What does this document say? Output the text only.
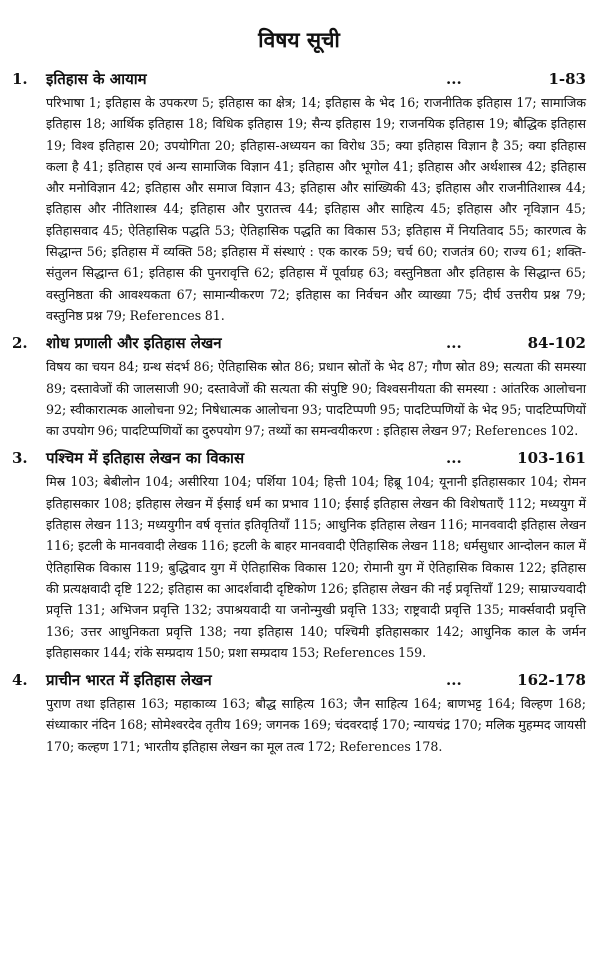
विषय सूची
1.	इतिहास के आयाम	...	1-83
परिभाषा 1; इतिहास के उपकरण 5; इतिहास का क्षेत्र; 14; इतिहास के भेद 16; राजनीतिक इतिहास 17; सामाजिक इतिहास 18; आर्थिक इतिहास 18; विधिक इतिहास 19; सैन्य इतिहास 19; राजनयिक इतिहास 19; बौद्धिक इतिहास 19; विश्व इतिहास 20; उपयोगिता 20; इतिहास-अध्ययन का विरोध 35; क्या इतिहास विज्ञान है 35; क्या इतिहास कला है 41; इतिहास एवं अन्य सामाजिक विज्ञान 41; इतिहास और भूगोल 41; इतिहास और अर्थशास्त्र 42; इतिहास और मनोविज्ञान 42; इतिहास और समाज विज्ञान 43; इतिहास और सांख्यिकी 43; इतिहास और राजनीतिशास्त्र 44; इतिहास और नीतिशास्त्र 44; इतिहास और पुरातत्त्व 44; इतिहास और साहित्य 45; इतिहास और नृविज्ञान 45; इतिहासवाद 45; ऐतिहासिक पद्धति 53; ऐतिहासिक पद्धति का विकास 53; इतिहास में नियतिवाद 55; कारणत्व के सिद्धान्त 56; इतिहास में व्यक्ति 58; इतिहास में संस्थाएं : एक कारक 59; चर्च 60; राजतंत्र 60; राज्य 61; शक्ति-संतुलन सिद्धान्त 61; इतिहास की पुनरावृत्ति 62; इतिहास में पूर्वाग्रह 63; वस्तुनिष्ठता और इतिहास के सिद्धान्त 65; वस्तुनिष्ठता की आवश्यकता 67; सामान्यीकरण 72; इतिहास का निर्वचन और व्याख्या 75; दीर्घ उत्तरीय प्रश्न 79; वस्तुनिष्ठ प्रश्न 79; References 81.
2.	शोध प्रणाली और इतिहास लेखन	...	84-102
विषय का चयन 84; ग्रन्थ संदर्भ 86; ऐतिहासिक स्रोत 86; प्रधान स्रोतों के भेद 87; गौण स्रोत 89; सत्यता की समस्या 89; दस्तावेजों की जालसाजी 90; दस्तावेजों की सत्यता की संपुष्टि 90; विश्वसनीयता की समस्या : आंतरिक आलोचना 92; स्वीकारात्मक आलोचना 92; निषेधात्मक आलोचना 93; पादटिप्पणी 95; पादटिप्पणियों के भेद 95; पादटिप्पणियों का उपयोग 96; पादटिप्पणियों का दुरुपयोग 97; तथ्यों का समन्वयीकरण : इतिहास लेखन 97; References 102.
3.	पश्चिम में इतिहास लेखन का विकास	...	103-161
मिस्र 103; बेबीलोन 104; असीरिया 104; पर्शिया 104; हित्ती 104; हिब्रू 104; यूनानी इतिहासकार 104; रोमन इतिहासकार 108; इतिहास लेखन में ईसाई धर्म का प्रभाव 110; ईसाई इतिहास लेखन की विशेषताएँ 112; मध्ययुग में इतिहास लेखन 113; मध्ययुगीन वर्ष वृत्तांत इतिवृतियाँ 115; आधुनिक इतिहास लेखन 116; मानववादी इतिहास लेखन 116; इटली के मानववादी लेखक 116; इटली के बाहर मानववादी ऐतिहासिक लेखन 118; धर्मसुधार आन्दोलन काल में ऐतिहासिक विकास 119; बुद्धिवाद युग में ऐतिहासिक विकास 120; रोमानी युग में ऐतिहासिक विकास 122; इतिहास की प्रत्यक्षवादी दृष्टि 122; इतिहास का आदर्शवादी दृष्टिकोण 126; इतिहास लेखन की नई प्रवृत्तियाँ 129; साम्राज्यवादी प्रवृत्ति 131; अभिजन प्रवृत्ति 132; उपाश्रयवादी या जनोन्मुखी प्रवृत्ति 133; राष्ट्रवादी प्रवृत्ति 135; मार्क्सवादी प्रवृत्ति 136; उत्तर आधुनिकता प्रवृत्ति 138; नया इतिहास 140; पश्चिमी इतिहासकार 142; आधुनिक काल के जर्मन इतिहासकार 144; रांके सम्प्रदाय 150; प्रशा सम्प्रदाय 153; References 159.
4.	प्राचीन भारत में इतिहास लेखन	...	162-178
पुराण तथा इतिहास 163; महाकाव्य 163; बौद्ध साहित्य 163; जैन साहित्य 164; बाणभट्ट 164; विल्हण 168; संध्याकार नंदिन 168; सोमेश्वरदेव तृतीय 169; जगनक 169; चंदवरदाई 170; न्यायचंद्र 170; मलिक मुहम्मद जायसी 170; कल्हण 171; भारतीय इतिहास लेखन का मूल तत्व 172; References 178.
